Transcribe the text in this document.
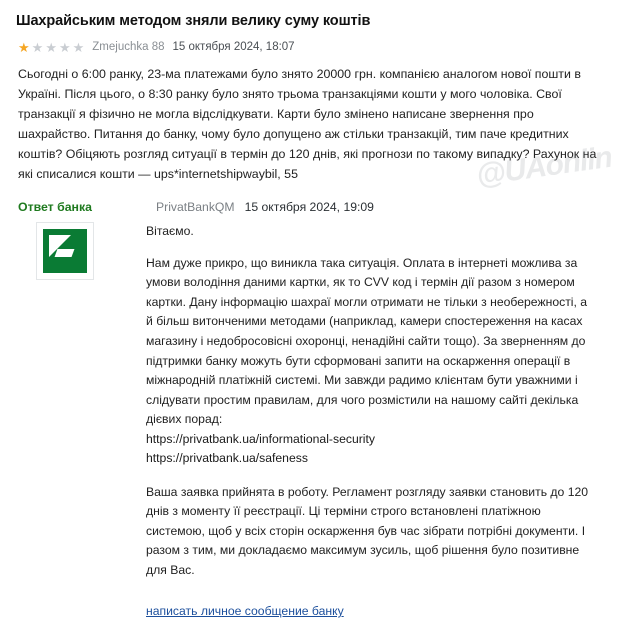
Шахрайським методом зняли велику суму коштів
★ ★ ★ ★ ★ Zmejuchka 88 15 октября 2024, 18:07

Сьогодні о 6:00 ранку, 23-ма платежами було знято 20000 грн. компанією аналогом нової пошти в Україні. Після цього, о 8:30 ранку було знято трьома транзакціями кошти у мого чоловіка. Свої транзакції я фізично не могла відслідкувати. Карти було змінено написане звернення про шахрайство. Питання до банку, чому було допущено аж стільки транзакцій, тим паче кредитних коштів? Обіцяють розгляд ситуації в термін до 120 днів, які прогнози по такому випадку? Рахунок на які списалися кошти — ups*internetshipwaybil, 55

Ответ банка	PrivatBankQM 15 октября 2024, 19:09

Вітаємо.

Нам дуже прикро, що виникла така ситуація. Оплата в інтернеті можлива за умови володіння даними картки, як то CVV код і термін дії разом з номером картки. Дану інформацію шахраї могли отримати не тільки з необережності, а й більш витонченими методами (наприклад, камери спостереження на касах магазину і недобросовісні охоронці, ненадійні сайти тощо). За зверненням до підтримки банку можуть бути сформовані запити на оскарження операції в міжнародній платіжній системі. Ми завжди радимо клієнтам бути уважними і слідувати простим правилам, для чого розмістили на нашому сайті декілька дієвих порад:

https://privatbank.ua/informational-security
https://privatbank.ua/safeness

Ваша заявка прийнята в роботу. Регламент розгляду заявки становить до 120 днів з моменту її реєстрації. Ці терміни строго встановлені платіжною системою, щоб у всіх сторін оскарження був час зібрати потрібні документи. І разом з тим, ми докладаємо максимум зусиль, щоб рішення було позитивне для Вас.

написать личное сообщение банку
@UAonlin
